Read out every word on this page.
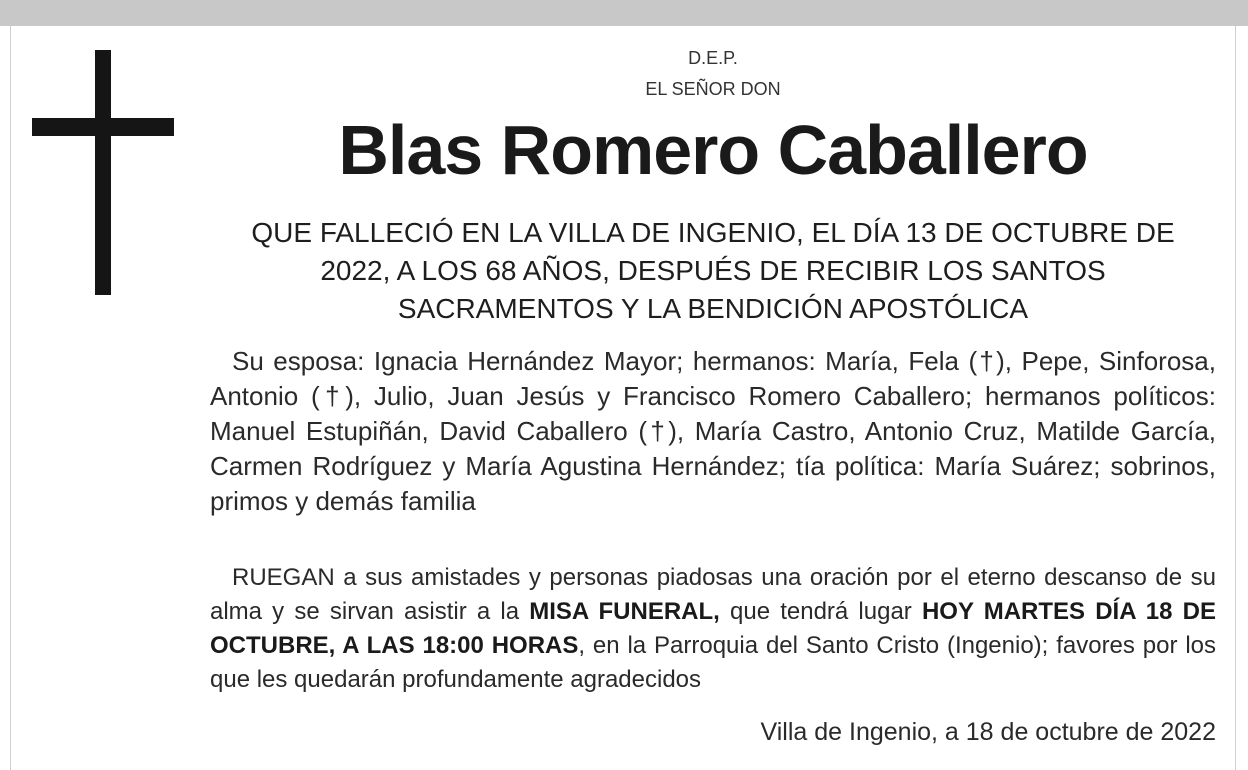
D.E.P.
EL SEÑOR DON
Blas Romero Caballero
QUE FALLECIÓ EN LA VILLA DE INGENIO, EL DÍA 13 DE OCTUBRE DE 2022, A LOS 68 AÑOS, DESPUÉS DE RECIBIR LOS SANTOS SACRAMENTOS Y LA BENDICIÓN APOSTÓLICA
Su esposa: Ignacia Hernández Mayor; hermanos: María, Fela (†), Pepe, Sinforosa, Antonio (†), Julio, Juan Jesús y Francisco Romero Caballero; hermanos políticos: Manuel Estupiñán, David Caballero (†), María Castro, Antonio Cruz, Matilde García, Carmen Rodríguez y María Agustina Hernández; tía política: María Suárez; sobrinos, primos y demás familia
RUEGAN a sus amistades y personas piadosas una oración por el eterno descanso de su alma y se sirvan asistir a la MISA FUNERAL, que tendrá lugar HOY MARTES DÍA 18 DE OCTUBRE, A LAS 18:00 HORAS, en la Parroquia del Santo Cristo (Ingenio); favores por los que les quedarán profundamente agradecidos
Villa de Ingenio, a 18 de octubre de 2022
